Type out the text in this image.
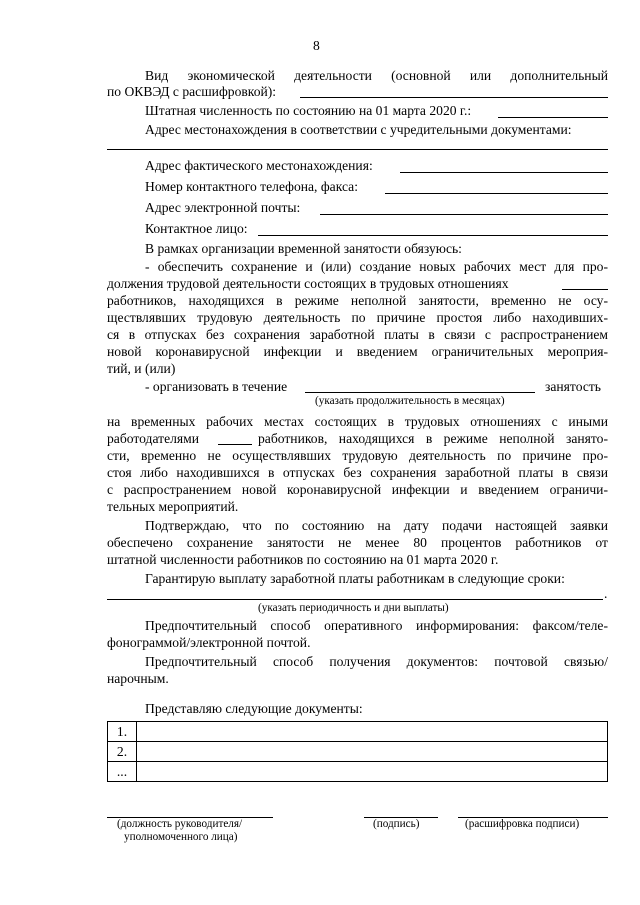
8
Вид экономической деятельности (основной или дополнительный
по ОКВЭД с расшифровкой):
Штатная численность по состоянию на 01 марта 2020 г.:
Адрес местонахождения в соответствии с учредительными документами:
Адрес фактического местонахождения:
Номер контактного телефона, факса:
Адрес электронной почты:
Контактное лицо:
В рамках организации временной занятости обязуюсь:
- обеспечить сохранение и (или) создание новых рабочих мест для про-
должения трудовой деятельности состоящих в трудовых отношениях
работников, находящихся в режиме неполной занятости, временно не осу-
ществлявших трудовую деятельность по причине простоя либо находивших-
ся в отпусках без сохранения заработной платы в связи с распространением
новой коронавирусной инфекции и введением ограничительных мероприя-
тий, и (или)
- организовать в течение	занятость
(указать продолжительность в месяцах)
на временных рабочих местах состоящих в трудовых отношениях с иными
работодателями	работников, находящихся в режиме неполной занято-
сти, временно не осуществлявших трудовую деятельность по причине про-
стоя либо находившихся в отпусках без сохранения заработной платы в связи
с распространением новой коронавирусной инфекции и введением ограничи-
тельных мероприятий.
Подтверждаю, что по состоянию на дату подачи настоящей заявки
обеспечено сохранение занятости не менее 80 процентов работников от
штатной численности работников по состоянию на 01 марта 2020 г.
Гарантирую выплату заработной платы работникам в следующие сроки:
.
(указать периодичность и дни выплаты)
Предпочтительный способ оперативного информирования: факсом/теле-
фонограммой/электронной почтой.
Предпочтительный способ получения документов: почтовой связью/
нарочным.
Представляю следующие документы:
1.	
2.	
...	
(должность руководителя/
уполномоченного лица)
(подпись)	(расшифровка подписи)
